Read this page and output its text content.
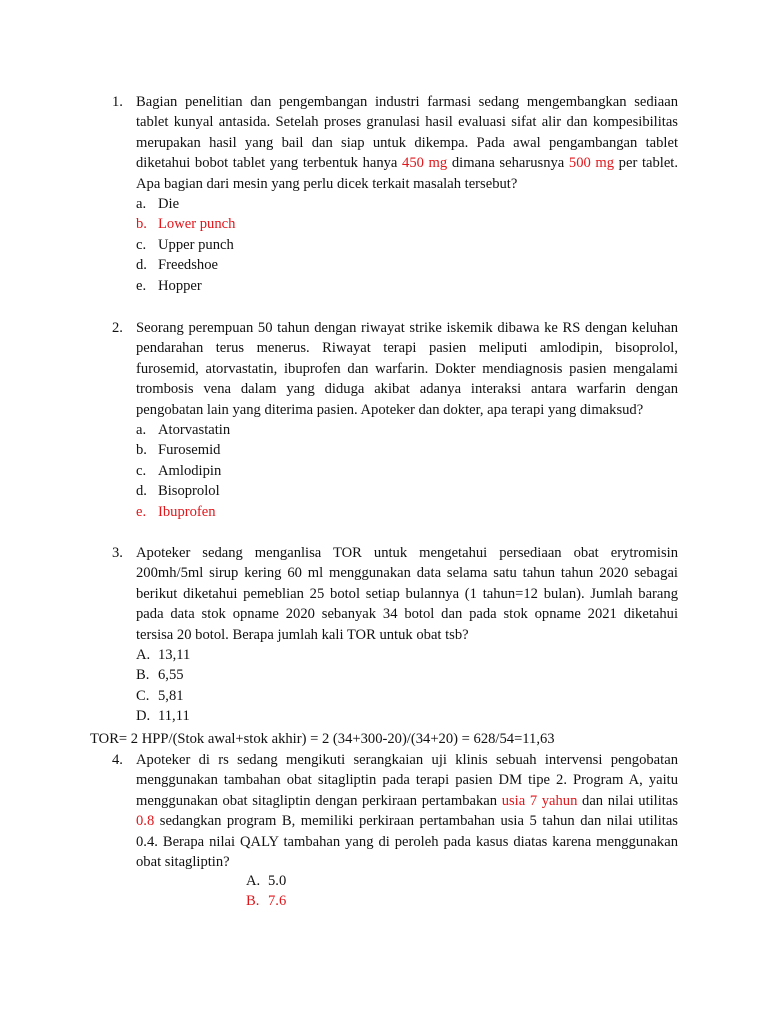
1. Bagian penelitian dan pengembangan industri farmasi sedang mengembangkan sediaan
tablet kunyal antasida. Setelah proses granulasi hasil evaluasi sifat alir dan kompesibilitas
merupakan hasil yang bail dan siap untuk dikempa. Pada awal pengambangan tablet
diketahui bobot tablet yang terbentuk hanya 450 mg dimana seharusnya 500 mg per tablet.
Apa bagian dari mesin yang perlu dicek terkait masalah tersebut?
a. Die
b. Lower punch
c. Upper punch
d. Freedshoe
e. Hopper
2. Seorang perempuan 50 tahun dengan riwayat strike iskemik dibawa ke RS dengan keluhan
pendarahan terus menerus. Riwayat terapi pasien meliputi amlodipin, bisoprolol,
furosemid, atorvastatin, ibuprofen dan warfarin. Dokter mendiagnosis pasien mengalami
trombosis vena dalam yang diduga akibat adanya interaksi antara warfarin dengan
pengobatan lain yang diterima pasien. Apoteker dan dokter, apa terapi yang dimaksud?
a. Atorvastatin
b. Furosemid
c. Amlodipin
d. Bisoprolol
e. Ibuprofen
3. Apoteker sedang menganlisa TOR untuk mengetahui persediaan obat erytromisin
200mh/5ml sirup kering 60 ml menggunakan data selama satu tahun tahun 2020 sebagai
berikut diketahui pemeblian 25 botol setiap bulannya (1 tahun=12 bulan). Jumlah barang
pada data stok opname 2020 sebanyak 34 botol dan pada stok opname 2021 diketahui
tersisa 20 botol. Berapa jumlah kali TOR untuk obat tsb?
A. 13,11
B. 6,55
C. 5,81
D. 11,11
TOR= 2 HPP/(Stok awal+stok akhir) = 2 (34+300-20)/(34+20) = 628/54=11,63
4. Apoteker di rs sedang mengikuti serangkaian uji klinis sebuah intervensi pengobatan
menggunakan tambahan obat sitagliptin pada terapi pasien DM tipe 2. Program A, yaitu
menggunakan obat sitagliptin dengan perkiraan pertambakan usia 7 yahun dan nilai utilitas
0.8 sedangkan program B, memiliki perkiraan pertambahan usia 5 tahun dan nilai utilitas
0.4. Berapa nilai QALY tambahan yang di peroleh pada kasus diatas karena menggunakan
obat sitagliptin?
A. 5.0
B. 7.6
